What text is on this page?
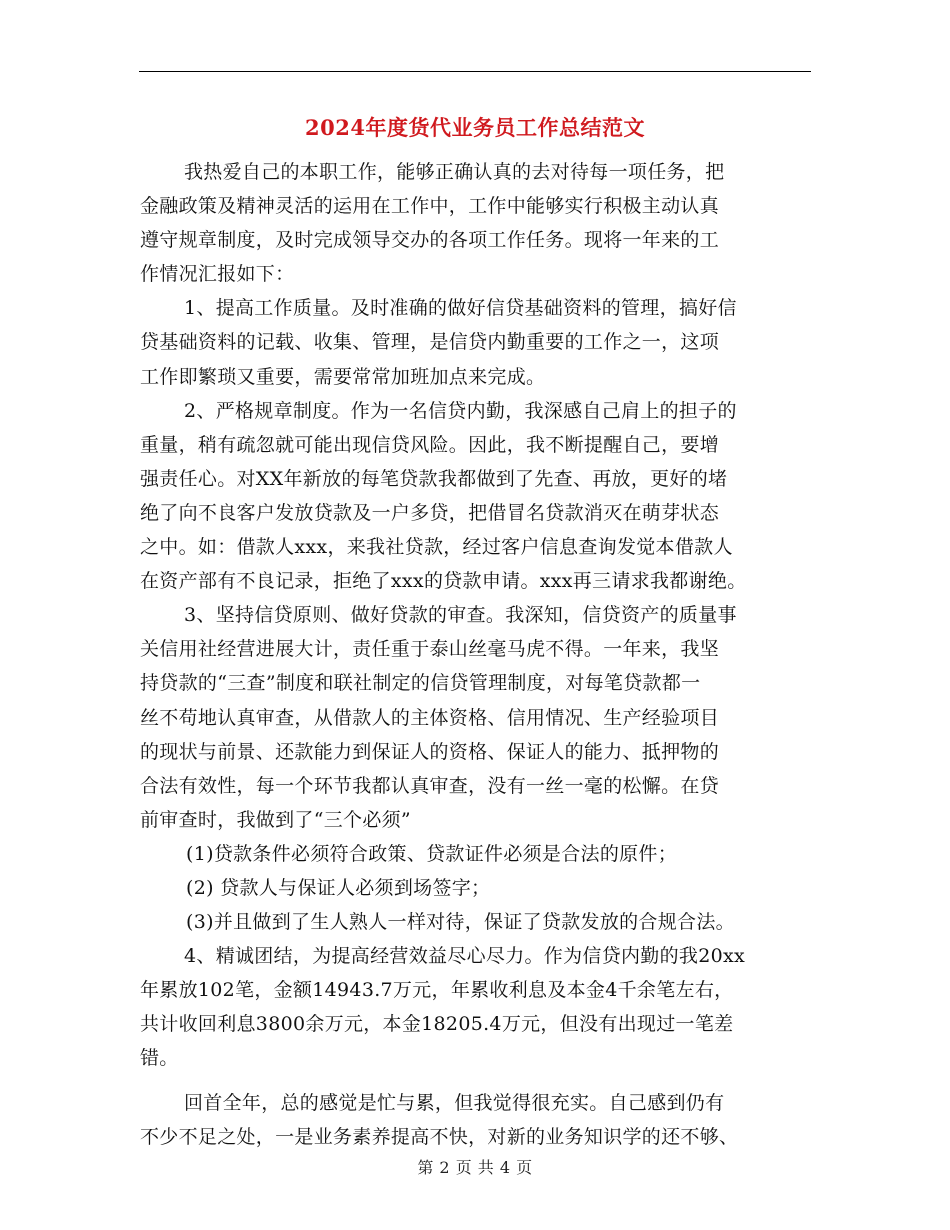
2024年度货代业务员工作总结范文
我热爱自己的本职工作，能够正确认真的去对待每一项任务，把
金融政策及精神灵活的运用在工作中，工作中能够实行积极主动认真
遵守规章制度，及时完成领导交办的各项工作任务。现将一年来的工
作情况汇报如下：
1、提高工作质量。及时准确的做好信贷基础资料的管理，搞好信
贷基础资料的记载、收集、管理，是信贷内勤重要的工作之一，这项
工作即繁琐又重要，需要常常加班加点来完成。
2、严格规章制度。作为一名信贷内勤，我深感自己肩上的担子的
重量，稍有疏忽就可能出现信贷风险。因此，我不断提醒自己，要增
强责任心。对XX年新放的每笔贷款我都做到了先查、再放，更好的堵
绝了向不良客户发放贷款及一户多贷，把借冒名贷款消灭在萌芽状态
之中。如：借款人xxx，来我社贷款，经过客户信息查询发觉本借款人
在资产部有不良记录，拒绝了xxx的贷款申请。xxx再三请求我都谢绝。
3、坚持信贷原则、做好贷款的审查。我深知，信贷资产的质量事
关信用社经营进展大计，责任重于泰山丝毫马虎不得。一年来，我坚
持贷款的“三查”制度和联社制定的信贷管理制度，对每笔贷款都一
丝不苟地认真审查，从借款人的主体资格、信用情况、生产经验项目
的现状与前景、还款能力到保证人的资格、保证人的能力、抵押物的
合法有效性，每一个环节我都认真审查，没有一丝一毫的松懈。在贷
前审查时，我做到了“三个必须”
(1)贷款条件必须符合政策、贷款证件必须是合法的原件；
(2) 贷款人与保证人必须到场签字；
(3)并且做到了生人熟人一样对待，保证了贷款发放的合规合法。
4、精诚团结，为提高经营效益尽心尽力。作为信贷内勤的我20xx
年累放102笔，金额14943.7万元，年累收利息及本金4千余笔左右，
共计收回利息3800余万元，本金18205.4万元，但没有出现过一笔差
错。
回首全年，总的感觉是忙与累，但我觉得很充实。自己感到仍有
不少不足之处，一是业务素养提高不快，对新的业务知识学的还不够、
第 2 页 共 4 页
